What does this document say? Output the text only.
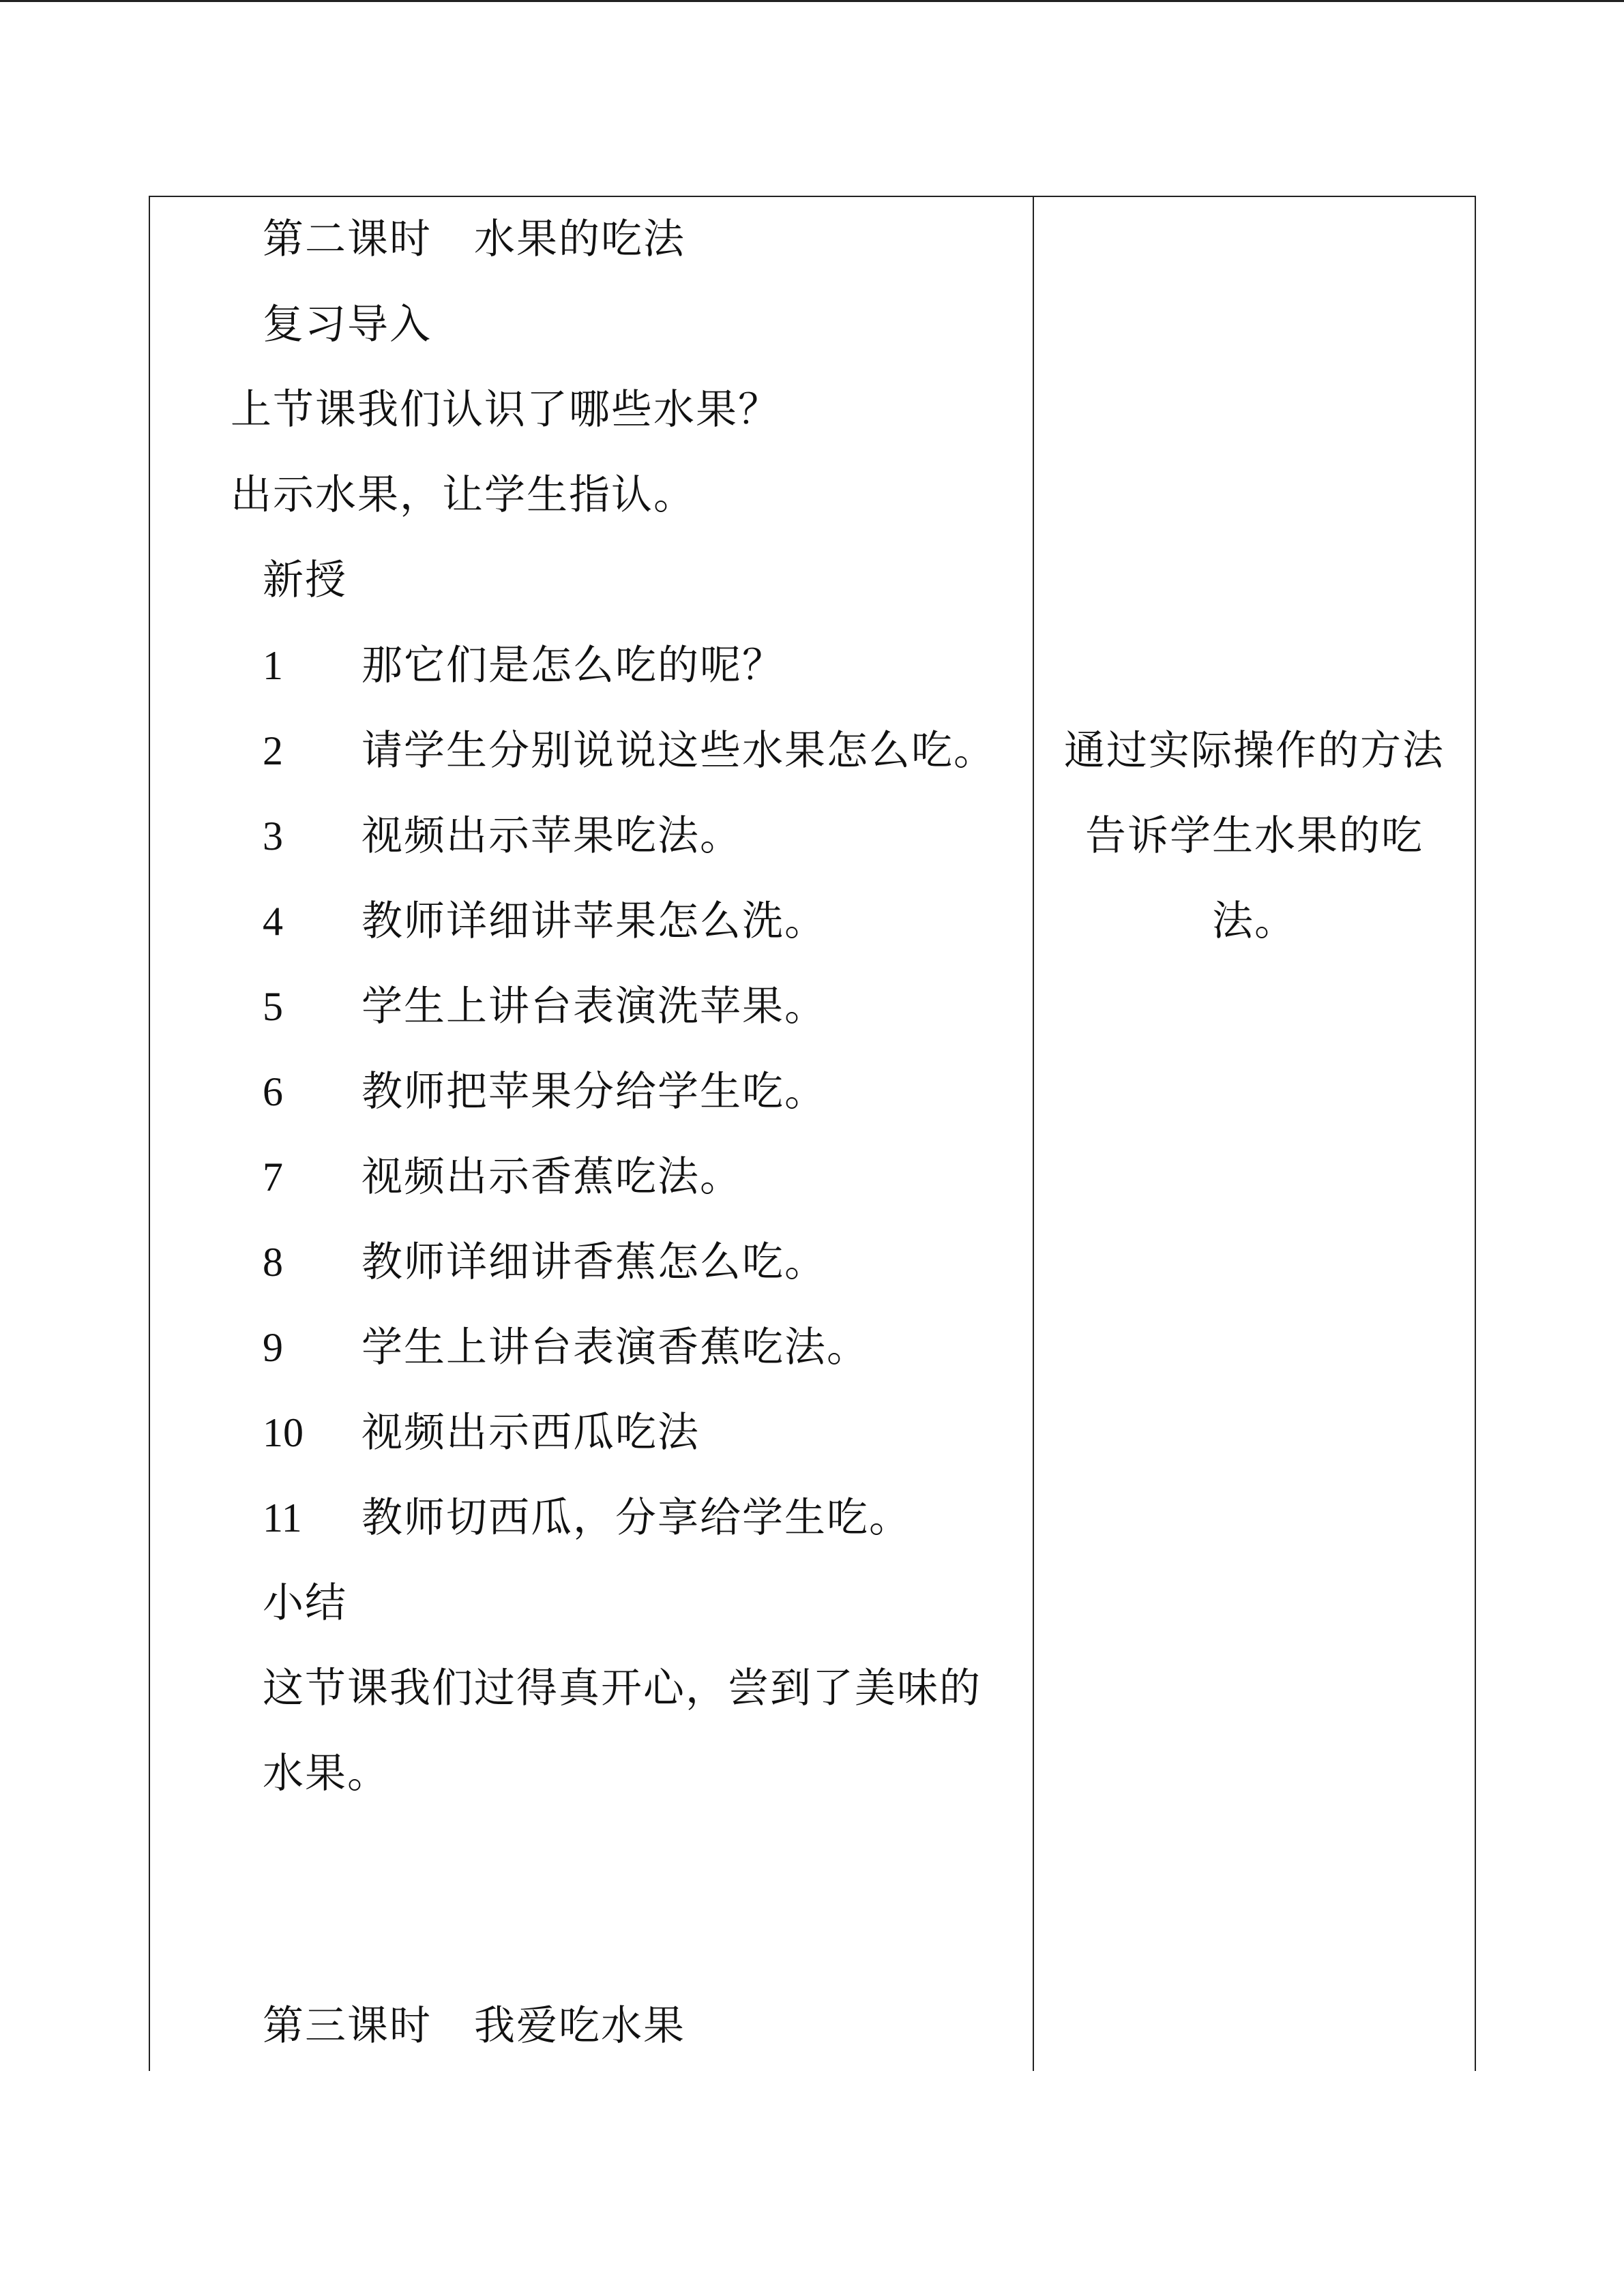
第二课时　水果的吃法
复习导入
上节课我们认识了哪些水果？
出示水果，让学生指认。
新授
1 那它们是怎么吃的呢？
2 请学生分别说说这些水果怎么吃。
3 视频出示苹果吃法。
4 教师详细讲苹果怎么洗。
5 学生上讲台表演洗苹果。
6 教师把苹果分给学生吃。
7 视频出示香蕉吃法。
8 教师详细讲香蕉怎么吃。
9 学生上讲台表演香蕉吃法。
10 视频出示西瓜吃法
11 教师切西瓜，分享给学生吃。
小结
这节课我们过得真开心，尝到了美味的
水果。
第三课时　我爱吃水果
通过实际操作的方法
告诉学生水果的吃
法。
